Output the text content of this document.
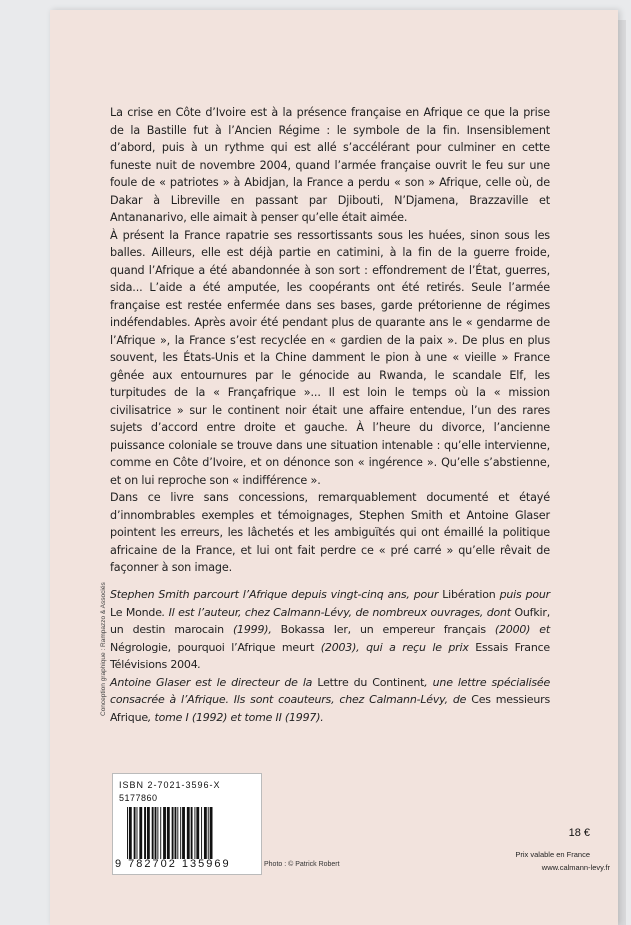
La crise en Côte d’Ivoire est à la présence française en Afrique ce que la prise de la Bastille fut à l’Ancien Régime : le symbole de la fin. Insensiblement d’abord, puis à un rythme qui est allé s’accélérant pour culminer en cette funeste nuit de novembre 2004, quand l’armée française ouvrit le feu sur une foule de « patriotes » à Abidjan, la France a perdu « son » Afrique, celle où, de Dakar à Libreville en passant par Djibouti, N’Djamena, Brazzaville et Antananarivo, elle aimait à penser qu’elle était aimée.

À présent la France rapatrie ses ressortissants sous les huées, sinon sous les balles. Ailleurs, elle est déjà partie en catimini, à la fin de la guerre froide, quand l’Afrique a été abandonnée à son sort : effondrement de l’État, guerres, sida... L’aide a été amputée, les coopérants ont été retirés. Seule l’armée française est restée enfermée dans ses bases, garde prétorienne de régimes indéfendables. Après avoir été pendant plus de quarante ans le « gendarme de l’Afrique », la France s’est recyclée en « gardien de la paix ». De plus en plus souvent, les États-Unis et la Chine damment le pion à une « vieille » France gênée aux entournures par le génocide au Rwanda, le scandale Elf, les turpitudes de la « Françafrique »... Il est loin le temps où la « mission civilisatrice » sur le continent noir était une affaire entendue, l’un des rares sujets d’accord entre droite et gauche. À l’heure du divorce, l’ancienne puissance coloniale se trouve dans une situation intenable : qu’elle intervienne, comme en Côte d’Ivoire, et on dénonce son « ingérence ». Qu’elle s’abstienne, et on lui reproche son « indifférence ».

Dans ce livre sans concessions, remarquablement documenté et étayé d’innombrables exemples et témoignages, Stephen Smith et Antoine Glaser pointent les erreurs, les lâchetés et les ambiguïtés qui ont émaillé la politique africaine de la France, et lui ont fait perdre ce « pré carré » qu’elle rêvait de façonner à son image.

Stephen Smith parcourt l’Afrique depuis vingt-cinq ans, pour Libération puis pour Le Monde. Il est l’auteur, chez Calmann-Lévy, de nombreux ouvrages, dont Oufkir, un destin marocain (1999), Bokassa Ier, un empereur français (2000) et Négrologie, pourquoi l’Afrique meurt (2003), qui a reçu le prix Essais France Télévisions 2004.

Antoine Glaser est le directeur de la Lettre du Continent, une lettre spécialisée consacrée à l’Afrique. Ils sont coauteurs, chez Calmann-Lévy, de Ces messieurs Afrique, tome I (1992) et tome II (1997).

Conception graphique : Rampazzo & Associés
ISBN 2-7021-3596-X
5177860
9 782702 135969	Photo : © Patrick Robert
18 €
Prix valable en France
www.calmann-levy.fr
